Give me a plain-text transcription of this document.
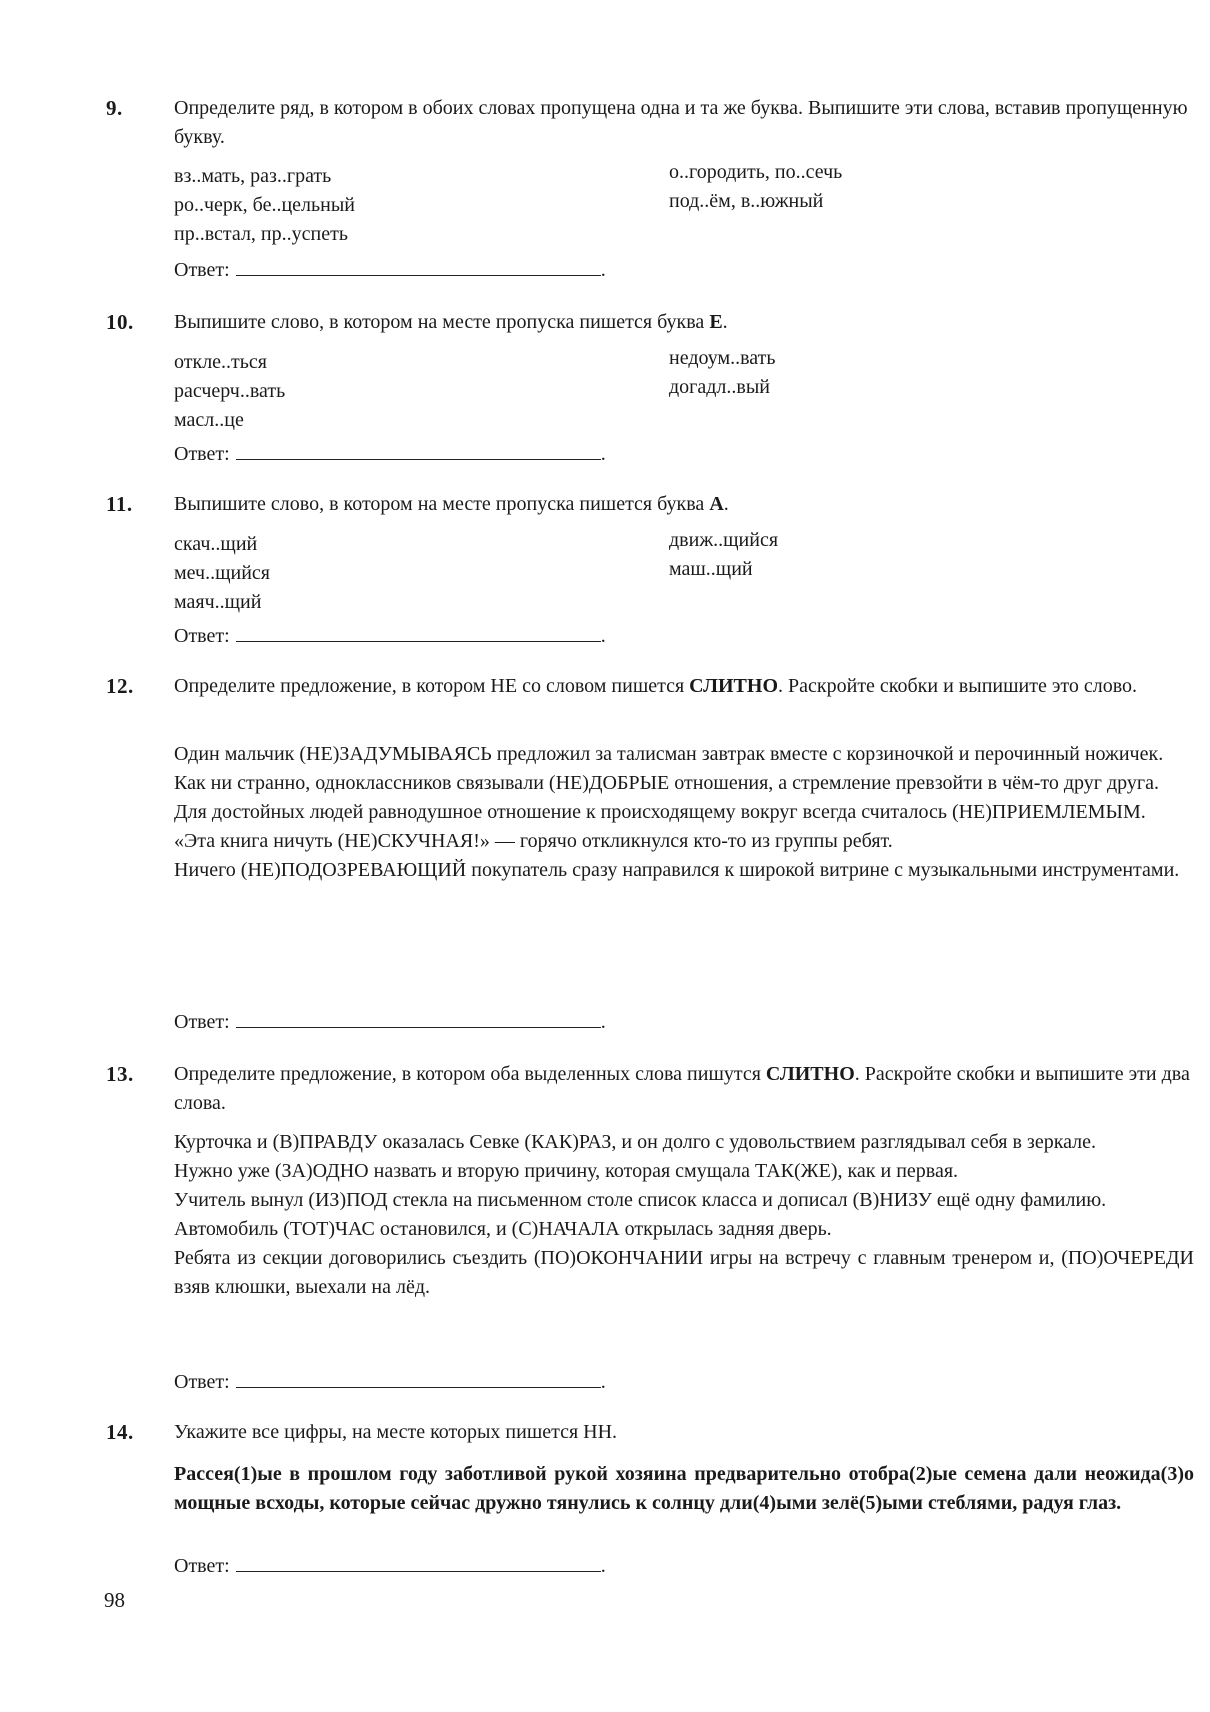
9.	Определите ряд, в котором в обоих словах пропущена одна и та же буква. Выпишите эти слова, вставив пропущенную букву.
вз..мать, раз..грать
ро..черк, бе..цельный
пр..встал, пр..успеть
о..городить, по..сечь
под..ём, в..южный
Ответ:	.
10. Выпишите слово, в котором на месте пропуска пишется буква Е.
откле..ться
расчерч..вать
масл..це
недоум..вать
догадл..вый
Ответ:	.
11. Выпишите слово, в котором на месте пропуска пишется буква А.
скач..щий
меч..щийся
маяч..щий
движ..щийся
маш..щий
Ответ:	.
12. Определите предложение, в котором НЕ со словом пишется СЛИТНО. Раскройте скобки и выпишите это слово.

Один мальчик (НЕ)ЗАДУМЫВАЯСЬ предложил за талисман завтрак вместе с корзиночкой и перочинный ножичек.

Как ни странно, одноклассников связывали (НЕ)ДОБРЫЕ отношения, а стремление превзойти в чём-то друг друга.

Для достойных людей равнодушное отношение к происходящему вокруг всегда считалось (НЕ)ПРИЕМЛЕМЫМ.

«Эта книга ничуть (НЕ)СКУЧНАЯ!» — горячо откликнулся кто-то из группы ребят.

Ничего (НЕ)ПОДОЗРЕВАЮЩИЙ покупатель сразу направился к широкой витрине с музыкальными инструментами.

Ответ:	.
13. Определите предложение, в котором оба выделенных слова пишутся СЛИТНО. Раскройте скобки и выпишите эти два слова.

Курточка и (В)ПРАВДУ оказалась Севке (КАК)РАЗ, и он долго с удовольствием разглядывал себя в зеркале.

Нужно уже (ЗА)ОДНО назвать и вторую причину, которая смущала ТАК(ЖЕ), как и первая.

Учитель вынул (ИЗ)ПОД стекла на письменном столе список класса и дописал (В)НИЗУ ещё одну фамилию.

Автомобиль (ТОТ)ЧАС остановился, и (С)НАЧАЛА открылась задняя дверь.

Ребята из секции договорились съездить (ПО)ОКОНЧАНИИ игры на встречу с главным тренером и, (ПО)ОЧЕРЕДИ взяв клюшки, выехали на лёд.

Ответ:	.
14. Укажите все цифры, на месте которых пишется НН.
Рассея(1)ые в прошлом году заботливой рукой хозяина предварительно отобра(2)ые семена дали неожида(3)о мощные всходы, которые сейчас дружно тянулись к солнцу дли(4)ыми зелё(5)ыми стеблями, радуя глаз.
Ответ:	.
98
